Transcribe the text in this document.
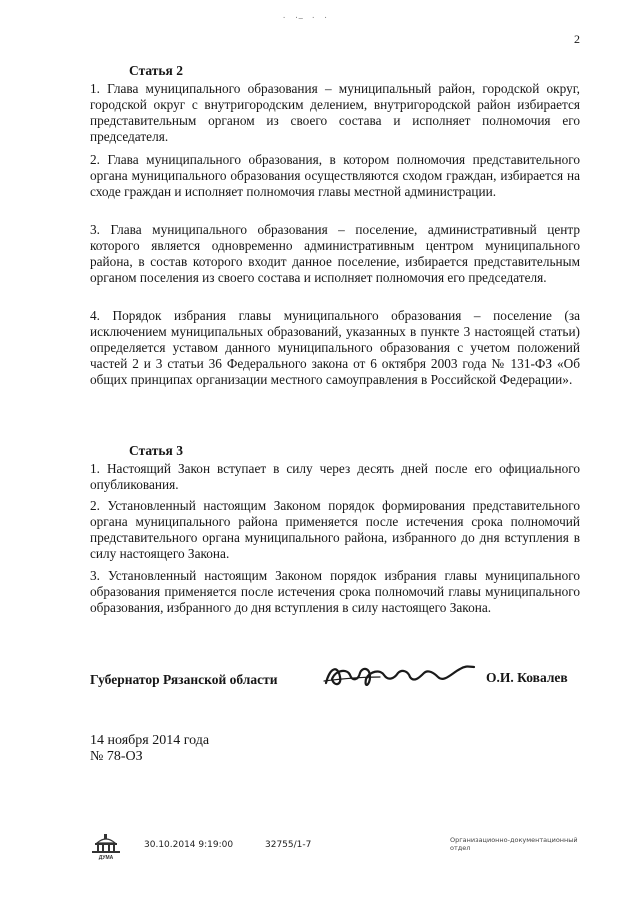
· ·̶ · ·
2
Статья 2
1. Глава муниципального образования – муниципальный район, городской округ, городской округ с внутригородским делением, внутригородской район избирается представительным органом из своего состава и исполняет полномочия его председателя.
2. Глава муниципального образования, в котором полномочия представительного органа муниципального образования осуществляются сходом граждан, избирается на сходе граждан и исполняет полномочия главы местной администрации.
3. Глава муниципального образования – поселение, административный центр которого является одновременно административным центром муниципального района, в состав которого входит данное поселение, избирается представительным органом поселения из своего состава и исполняет полномочия его председателя.
4. Порядок избрания главы муниципального образования – поселение (за исключением муниципальных образований, указанных в пункте 3 настоящей статьи) определяется уставом данного муниципального образования с учетом положений частей 2 и 3 статьи 36 Федерального закона от 6 октября 2003 года № 131-ФЗ «Об общих принципах организации местного самоуправления в Российской Федерации».
Статья 3
1. Настоящий Закон вступает в силу через десять дней после его официального опубликования.
2. Установленный настоящим Законом порядок формирования представительного органа муниципального района применяется после истечения срока полномочий представительного органа муниципального района, избранного до дня вступления в силу настоящего Закона.
3. Установленный настоящим Законом порядок избрания главы муниципального образования применяется после истечения срока полномочий главы муниципального образования, избранного до дня вступления в силу настоящего Закона.
Губернатор Рязанской области	О.И. Ковалев
14 ноября 2014 года
№ 78-ОЗ
ДУМА
30.10.2014 9:19:00	32755/1-7	Организационно-документационный
отдел
